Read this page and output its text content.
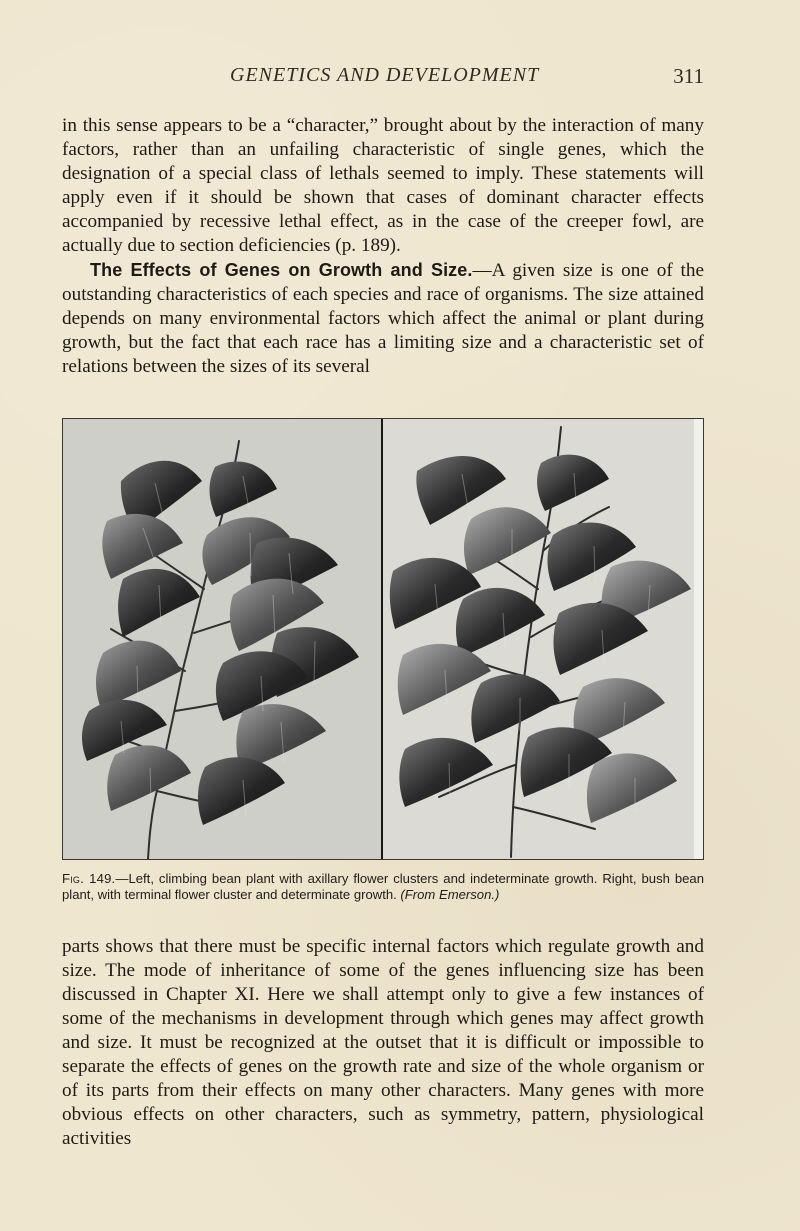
GENETICS AND DEVELOPMENT	311

in this sense appears to be a “character,” brought about by the interaction of many factors, rather than an unfailing characteristic of single genes, which the designation of a special class of lethals seemed to imply. These statements will apply even if it should be shown that cases of dominant character effects accompanied by recessive lethal effect, as in the case of the creeper fowl, are actually due to section deficiencies (p. 189).

The Effects of Genes on Growth and Size.—A given size is one of the outstanding characteristics of each species and race of organisms. The size attained depends on many environmental factors which affect the animal or plant during growth, but the fact that each race has a limiting size and a characteristic set of relations between the sizes of its several

Fig. 149.—Left, climbing bean plant with axillary flower clusters and indeterminate growth. Right, bush bean plant, with terminal flower cluster and determinate growth. (From Emerson.)

parts shows that there must be specific internal factors which regulate growth and size. The mode of inheritance of some of the genes influencing size has been discussed in Chapter XI. Here we shall attempt only to give a few instances of some of the mechanisms in development through which genes may affect growth and size. It must be recognized at the outset that it is difficult or impossible to separate the effects of genes on the growth rate and size of the whole organism or of its parts from their effects on many other characters. Many genes with more obvious effects on other characters, such as symmetry, pattern, physiological activities
